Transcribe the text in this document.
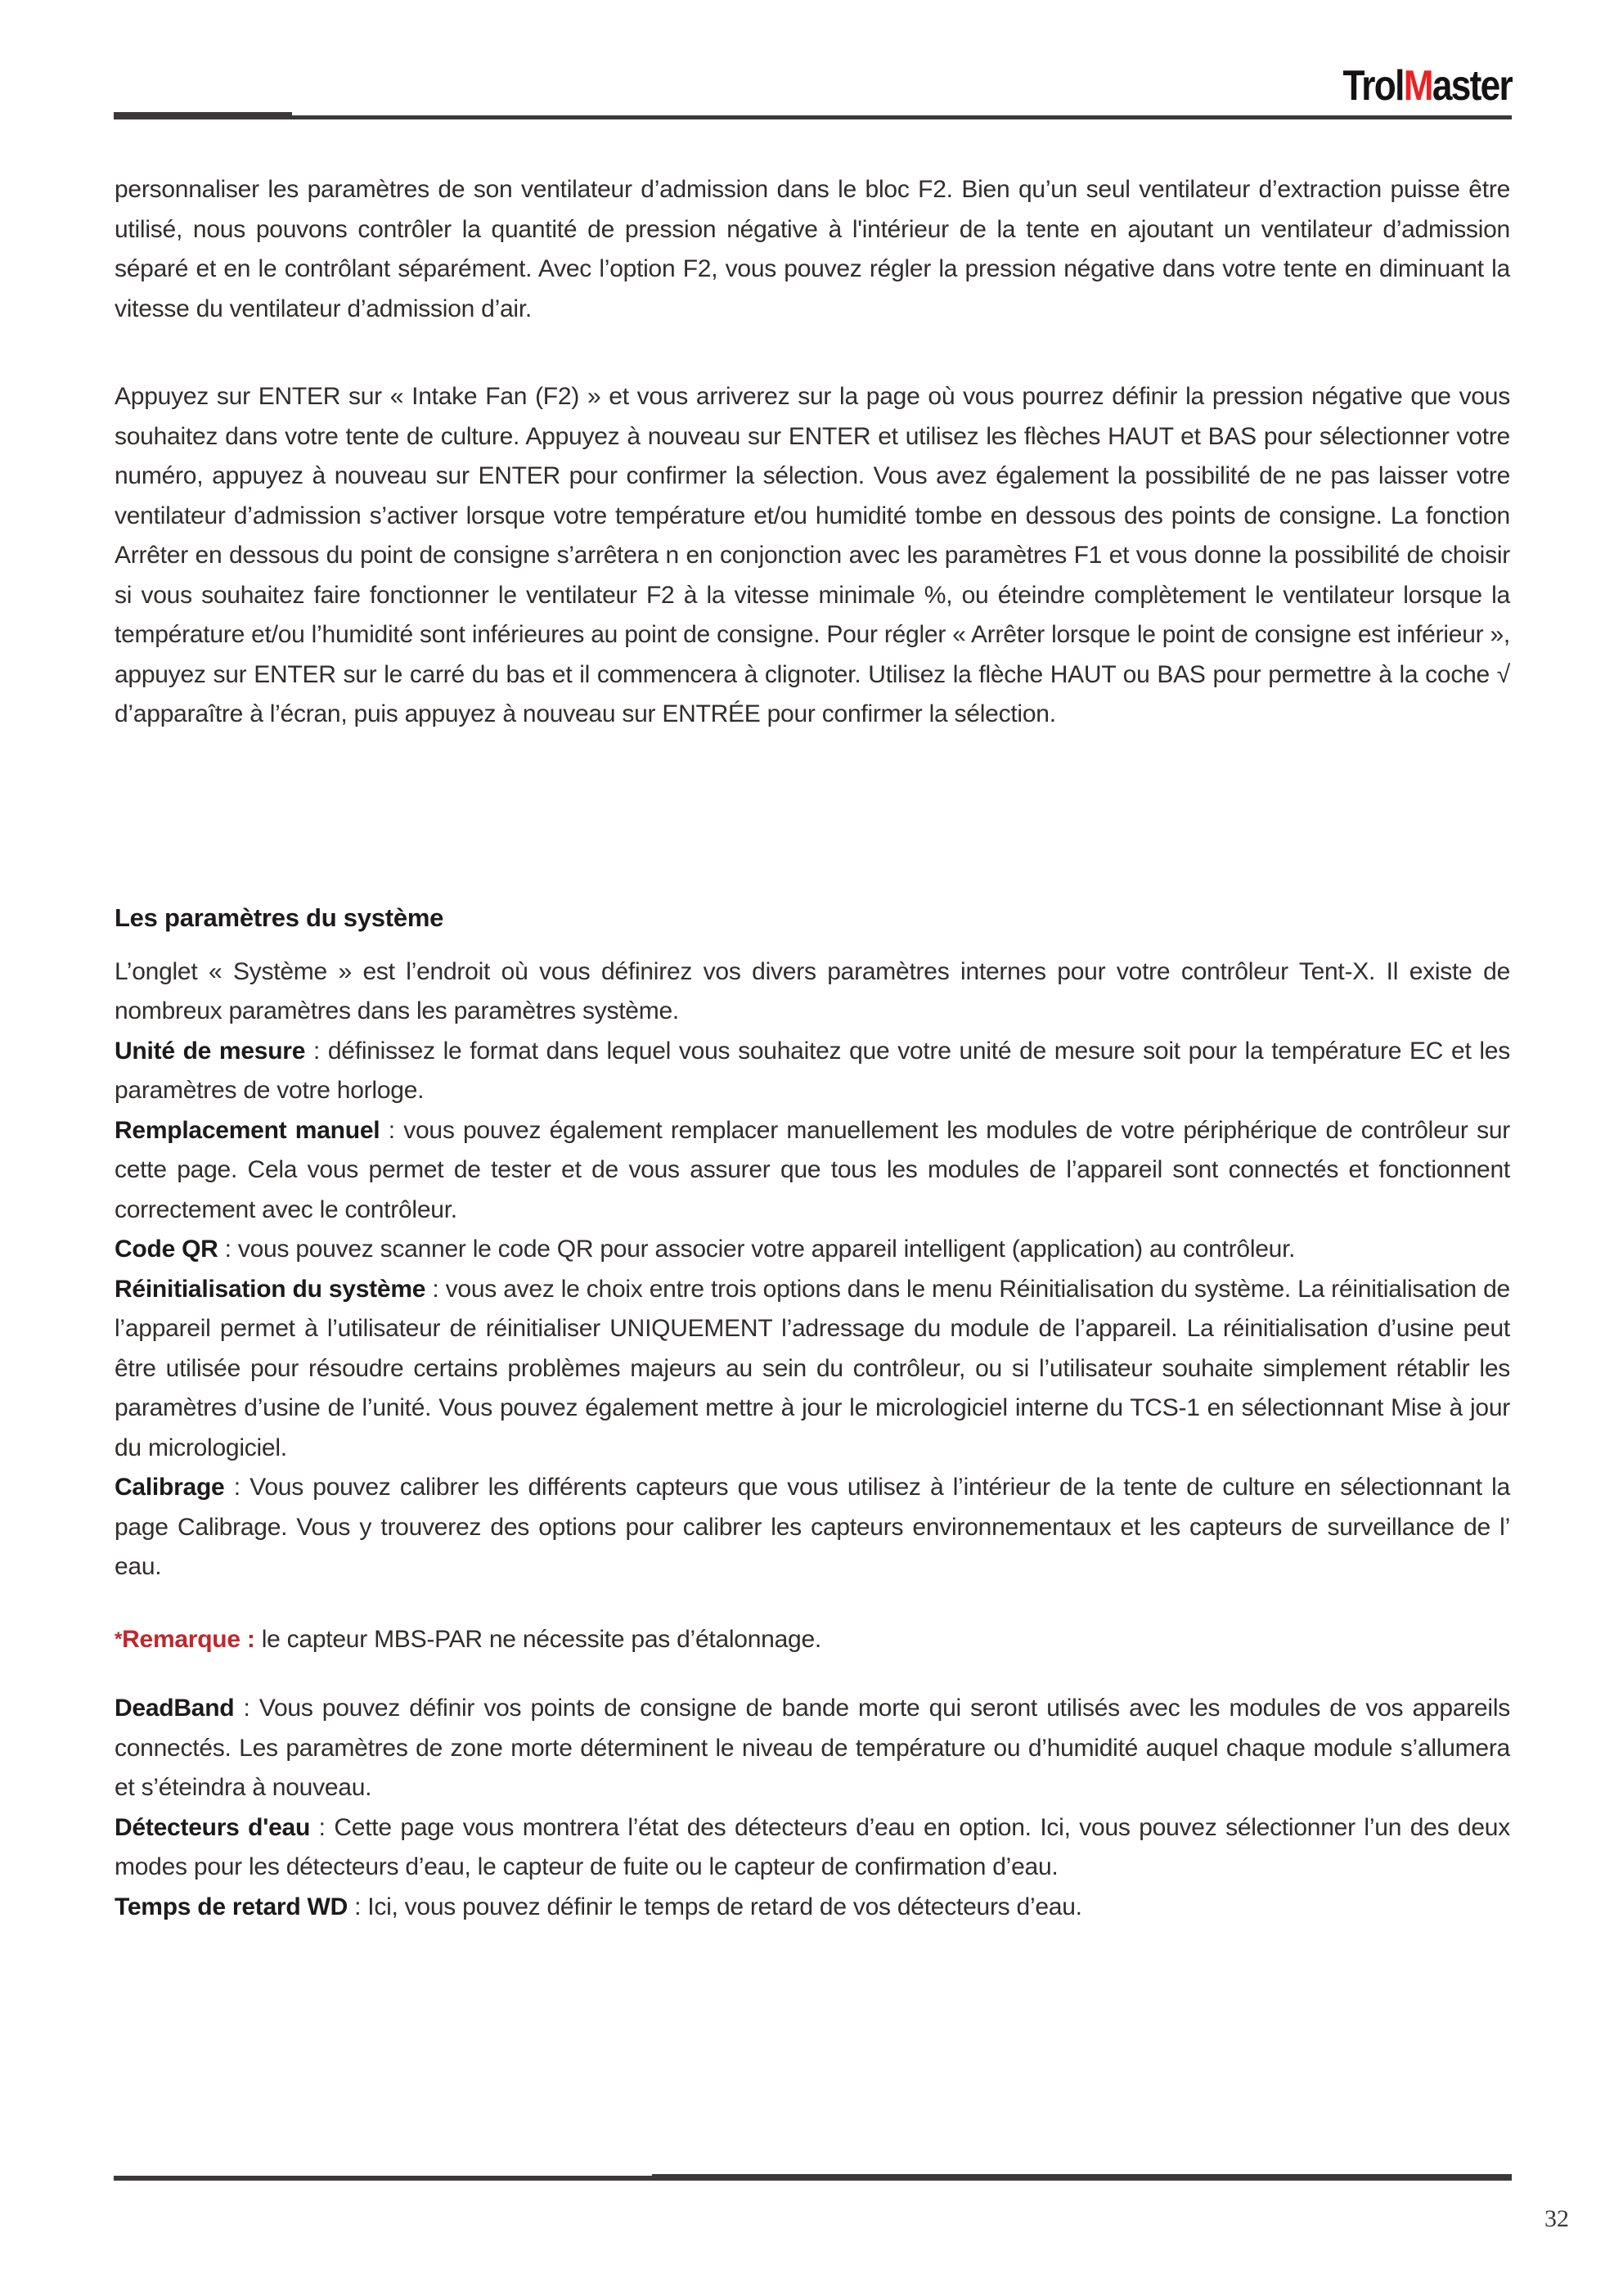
TrolMaster

personnaliser les paramètres de son ventilateur d’admission dans le bloc F2. Bien qu’un seul ventilateur d’extraction puisse être utilisé, nous pouvons contrôler la quantité de pression négative à l'intérieur de la tente en ajoutant un ventilateur d’admission séparé et en le contrôlant séparément. Avec l’option F2, vous pouvez régler la pression négative dans votre tente en diminuant la vitesse du ventilateur d’admission d’air.

Appuyez sur ENTER sur « Intake Fan (F2) » et vous arriverez sur la page où vous pourrez définir la pression négative que vous souhaitez dans votre tente de culture. Appuyez à nouveau sur ENTER et utilisez les flèches HAUT et BAS pour sélectionner votre numéro, appuyez à nouveau sur ENTER pour confirmer la sélection. Vous avez également la possibilité de ne pas laisser votre ventilateur d’admission s’activer lorsque votre température et/ou humidité tombe en dessous des points de consigne. La fonction Arrêter en dessous du point de consigne s’arrêtera n en conjonction avec les paramètres F1 et vous donne la possibilité de choisir si vous souhaitez faire fonctionner le ventilateur F2 à la vitesse minimale %, ou éteindre complètement le ventilateur lorsque la température et/ou l’humidité sont inférieures au point de consigne. Pour régler « Arrêter lorsque le point de consigne est inférieur », appuyez sur ENTER sur le carré du bas et il commencera à clignoter. Utilisez la flèche HAUT ou BAS pour permettre à la coche √ d’apparaître à l’écran, puis appuyez à nouveau sur ENTRÉE pour confirmer la sélection.

Les paramètres du système

L’onglet « Système » est l’endroit où vous définirez vos divers paramètres internes pour votre contrôleur Tent-X. Il existe de nombreux paramètres dans les paramètres système.

Unité de mesure : définissez le format dans lequel vous souhaitez que votre unité de mesure soit pour la température EC et les paramètres de votre horloge.

Remplacement manuel : vous pouvez également remplacer manuellement les modules de votre périphérique de contrôleur sur cette page. Cela vous permet de tester et de vous assurer que tous les modules de l’appareil sont connectés et fonctionnent correctement avec le contrôleur.

Code QR : vous pouvez scanner le code QR pour associer votre appareil intelligent (application) au contrôleur.

Réinitialisation du système : vous avez le choix entre trois options dans le menu Réinitialisation du système. La réinitialisation de l’appareil permet à l’utilisateur de réinitialiser UNIQUEMENT l’adressage du module de l’appareil. La réinitialisation d’usine peut être utilisée pour résoudre certains problèmes majeurs au sein du contrôleur, ou si l’utilisateur souhaite simplement rétablir les paramètres d’usine de l’unité. Vous pouvez également mettre à jour le micrologiciel interne du TCS-1 en sélectionnant Mise à jour du micrologiciel.

Calibrage : Vous pouvez calibrer les différents capteurs que vous utilisez à l’intérieur de la tente de culture en sélectionnant la page Calibrage. Vous y trouverez des options pour calibrer les capteurs environnementaux et les capteurs de surveillance de l’ eau.

*Remarque : le capteur MBS-PAR ne nécessite pas d’étalonnage.

DeadBand : Vous pouvez définir vos points de consigne de bande morte qui seront utilisés avec les modules de vos appareils connectés. Les paramètres de zone morte déterminent le niveau de température ou d’humidité auquel chaque module s’allumera et s’éteindra à nouveau.

Détecteurs d'eau : Cette page vous montrera l’état des détecteurs d’eau en option. Ici, vous pouvez sélectionner l’un des deux modes pour les détecteurs d’eau, le capteur de fuite ou le capteur de confirmation d’eau.

Temps de retard WD : Ici, vous pouvez définir le temps de retard de vos détecteurs d’eau.

32
